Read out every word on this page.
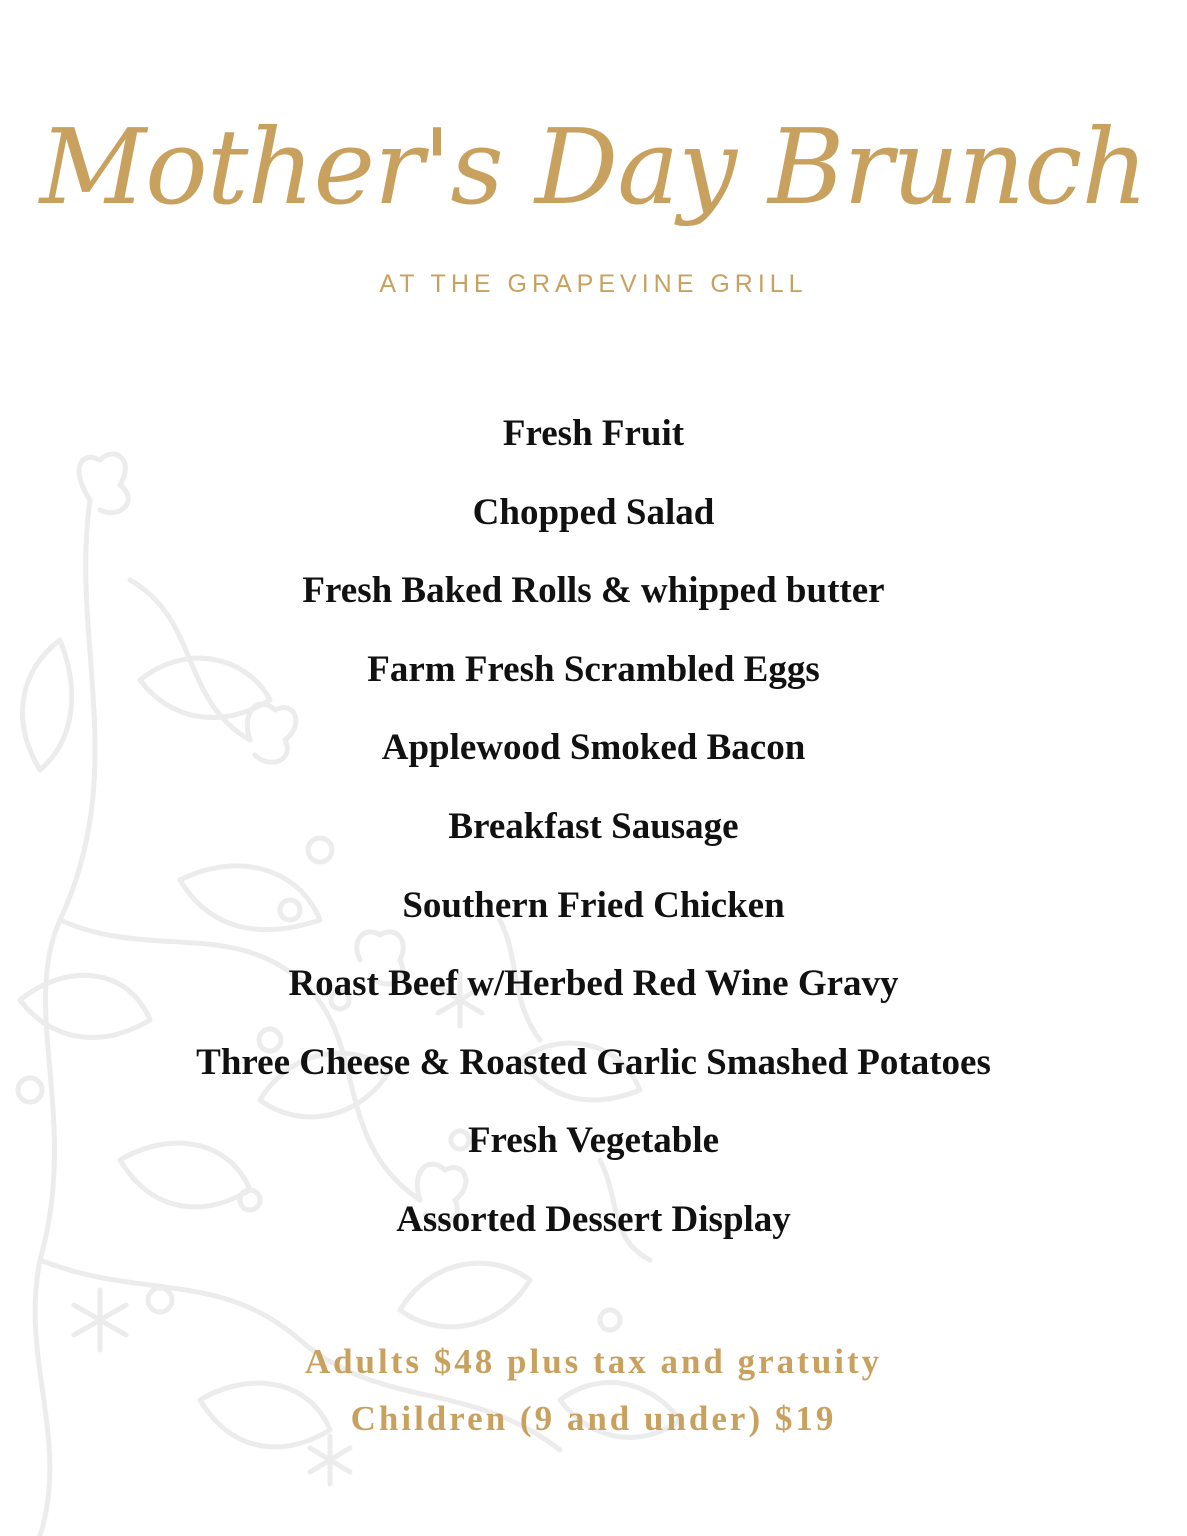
Mother's Day Brunch
AT THE GRAPEVINE GRILL
Fresh Fruit
Chopped Salad
Fresh Baked Rolls & whipped butter
Farm Fresh Scrambled Eggs
Applewood Smoked Bacon
Breakfast Sausage
Southern Fried Chicken
Roast Beef w/Herbed Red Wine Gravy
Three Cheese & Roasted Garlic Smashed Potatoes
Fresh Vegetable
Assorted Dessert Display
Adults $48 plus tax and gratuity
Children (9 and under) $19
